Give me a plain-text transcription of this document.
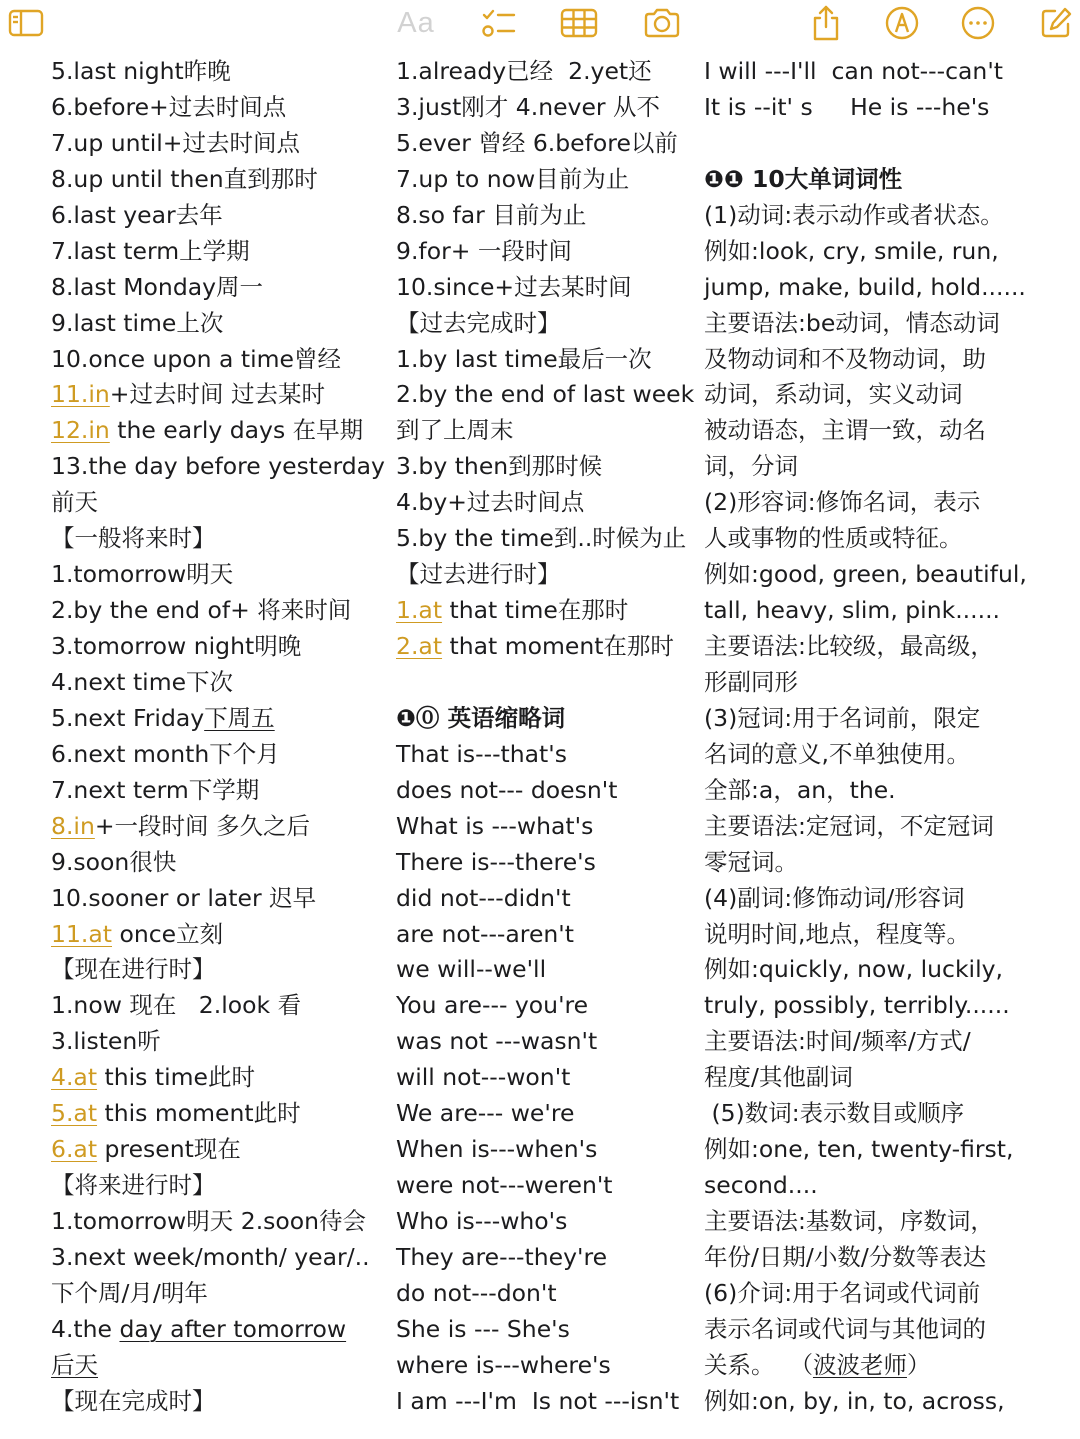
Aa
5.last night昨晚
6.before+过去时间点
7.up until+过去时间点
8.up until then直到那时
6.last year去年
7.last term上学期
8.last Monday周一
9.last time上次
10.once upon a time曾经
11.in+过去时间 过去某时
12.in the early days 在早期
13.the day before yesterday
前天
【一般将来时】
1.tomorrow明天
2.by the end of+ 将来时间
3.tomorrow night明晚
4.next time下次
5.next Friday下周五
6.next month下个月
7.next term下学期
8.in+一段时间 多久之后
9.soon很快
10.sooner or later 迟早
11.at once立刻
【现在进行时】
1.now 现在   2.look 看
3.listen听
4.at this time此时
5.at this moment此时
6.at present现在
【将来进行时】
1.tomorrow明天 2.soon待会
3.next week/month/ year/..
下个周/月/明年
4.the day after tomorrow
后天
【现在完成时】
1.already已经  2.yet还
3.just刚才 4.never 从不
5.ever 曾经 6.before以前
7.up to now目前为止
8.so far 目前为止
9.for+ 一段时间
10.since+过去某时间
【过去完成时】
1.by last time最后一次
2.by the end of last week
到了上周末
3.by then到那时候
4.by+过去时间点
5.by the time到..时候为止
【过去进行时】
1.at that time在那时
2.at that moment在那时
❶⓪ 英语缩略词
That is---that's
does not--- doesn't
What is ---what's
There is---there's
did not---didn't
are not---aren't
we will--we'll
You are--- you're
was not ---wasn't
will not---won't
We are--- we're
When is---when's
were not---weren't
Who is---who's
They are---they're
do not---don't
She is --- She's
where is---where's
I am ---I'm  Is not ---isn't
I will ---I'll  can not---can't
It is --it' s     He is ---he's
❶❶ 10大单词词性
(1)动词:表示动作或者状态。
例如:look, cry, smile, run,
jump, make, build, hold......
主要语法:be动词，情态动词
及物动词和不及物动词，助
动词，系动词，实义动词
被动语态，主谓一致，动名
词，分词
(2)形容词:修饰名词，表示
人或事物的性质或特征。
例如:good, green, beautiful,
tall, heavy, slim, pink......
主要语法:比较级，最高级，
形副同形
(3)冠词:用于名词前，限定
名词的意义,不单独使用。
全部:a，an，the.
主要语法:定冠词，不定冠词
零冠词。
(4)副词:修饰动词/形容词
说明时间,地点，程度等。
例如:quickly, now, luckily,
truly, possibly, terribly......
主要语法:时间/频率/方式/
程度/其他副词
(5)数词:表示数目或顺序
例如:one, ten, twenty-first,
second....
主要语法:基数词，序数词，
年份/日期/小数/分数等表达
(6)介词:用于名词或代词前
表示名词或代词与其他词的
关系。  （波波老师）
例如:on, by, in, to, across,
